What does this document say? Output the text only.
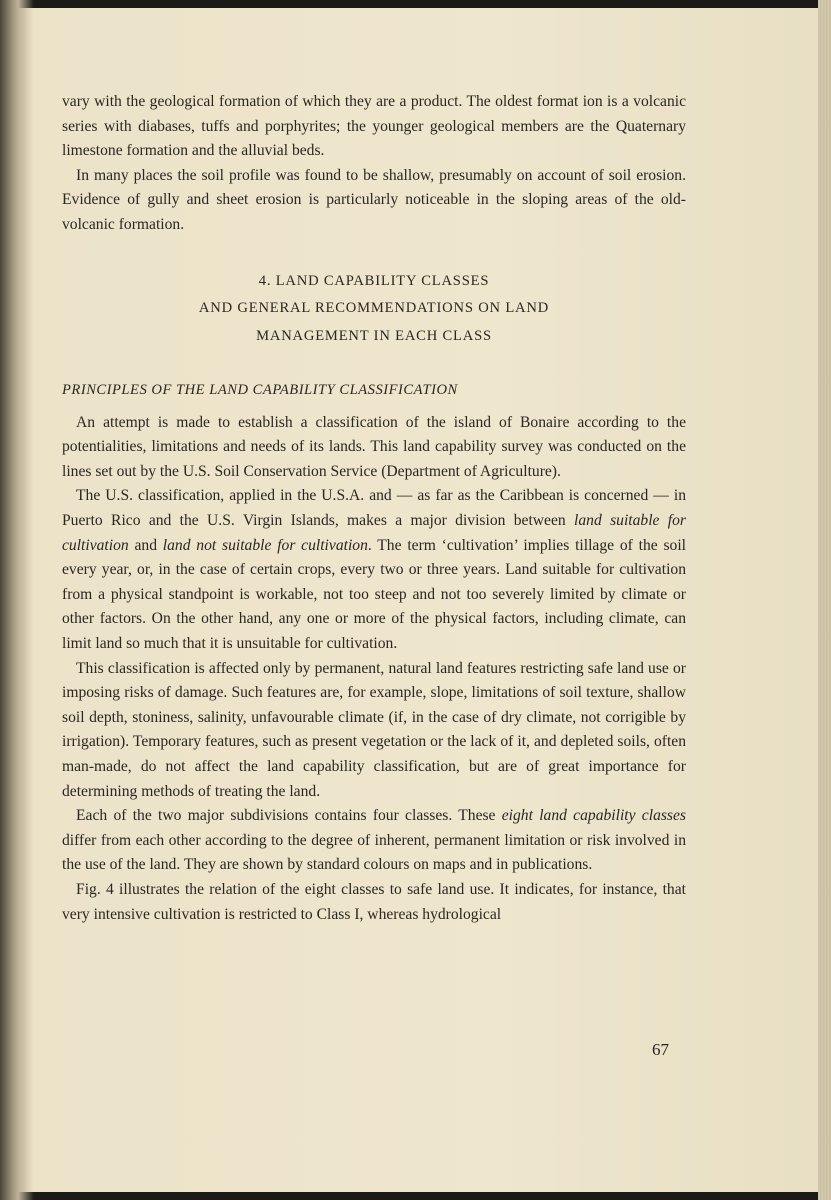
vary with the geological formation of which they are a product. The oldest format ion is a volcanic series with diabases, tuffs and porphyrites; the younger geological members are the Quaternary limestone formation and the alluvial beds.

In many places the soil profile was found to be shallow, presumably on account of soil erosion. Evidence of gully and sheet erosion is particularly noticeable in the sloping areas of the old-volcanic formation.

4. LAND CAPABILITY CLASSES
AND GENERAL RECOMMENDATIONS ON LAND
MANAGEMENT IN EACH CLASS

PRINCIPLES OF THE LAND CAPABILITY CLASSIFICATION

An attempt is made to establish a classification of the island of Bonaire according to the potentialities, limitations and needs of its lands. This land capability survey was conducted on the lines set out by the U.S. Soil Conservation Service (Department of Agriculture).

The U.S. classification, applied in the U.S.A. and — as far as the Caribbean is concerned — in Puerto Rico and the U.S. Virgin Islands, makes a major division between land suitable for cultivation and land not suitable for cultivation. The term ‘cultivation’ implies tillage of the soil every year, or, in the case of certain crops, every two or three years. Land suitable for cultivation from a physical standpoint is workable, not too steep and not too severely limited by climate or other factors. On the other hand, any one or more of the physical factors, including climate, can limit land so much that it is unsuitable for cultivation.

This classification is affected only by permanent, natural land features restricting safe land use or imposing risks of damage. Such features are, for example, slope, limitations of soil texture, shallow soil depth, stoniness, salinity, unfavourable climate (if, in the case of dry climate, not corrigible by irrigation). Temporary features, such as present vegetation or the lack of it, and depleted soils, often man-made, do not affect the land capability classification, but are of great importance for determining methods of treating the land.

Each of the two major subdivisions contains four classes. These eight land capability classes differ from each other according to the degree of inherent, permanent limitation or risk involved in the use of the land. They are shown by standard colours on maps and in publications.

Fig. 4 illustrates the relation of the eight classes to safe land use. It indicates, for instance, that very intensive cultivation is restricted to Class I, whereas hydrological

67
